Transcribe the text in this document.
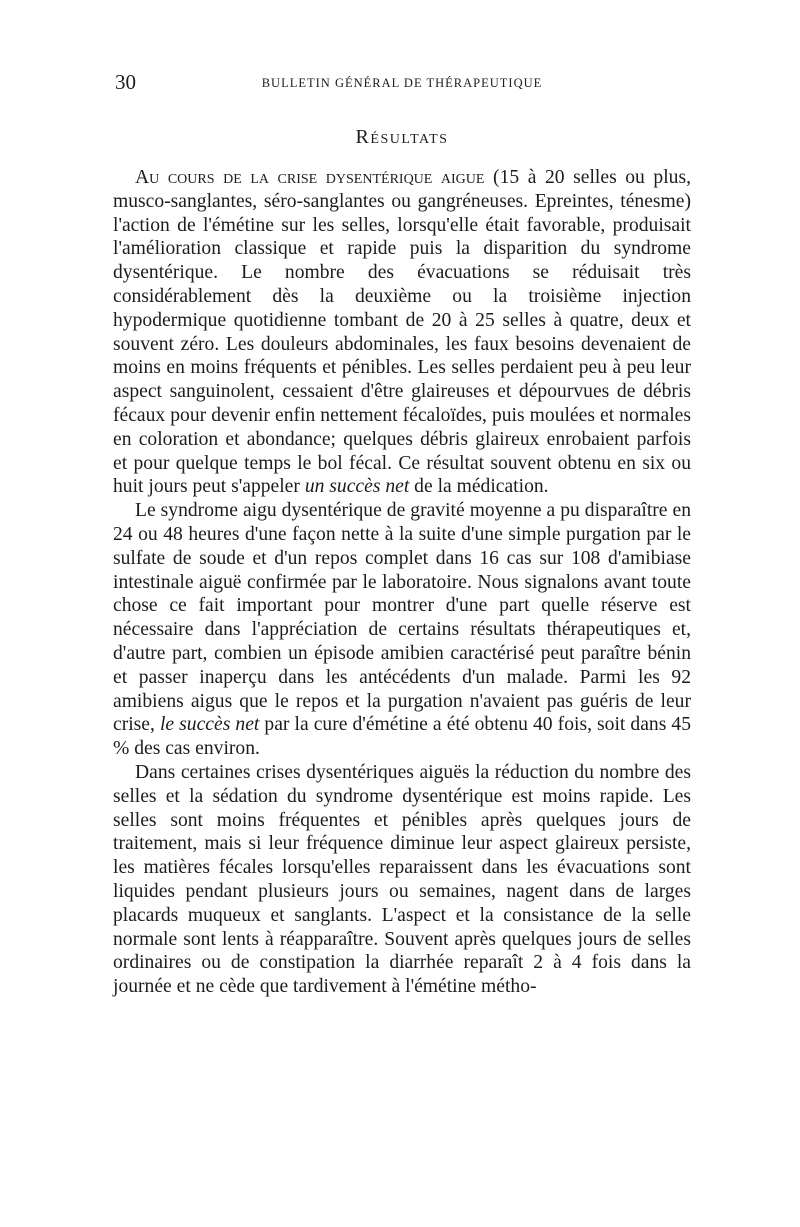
30	BULLETIN GÉNÉRAL DE THÉRAPEUTIQUE
Résultats

Au cours de la crise dysentérique aigue (15 à 20 selles ou plus, musco-sanglantes, séro-sanglantes ou gangréneuses. Epreintes, ténesme) l'action de l'émétine sur les selles, lorsqu'elle était favorable, produisait l'amélioration classique et rapide puis la disparition du syndrome dysentérique. Le nombre des évacuations se réduisait très considérablement dès la deuxième ou la troisième injection hypodermique quotidienne tombant de 20 à 25 selles à quatre, deux et souvent zéro. Les douleurs abdominales, les faux besoins devenaient de moins en moins fréquents et pénibles. Les selles perdaient peu à peu leur aspect sanguinolent, cessaient d'être glaireuses et dépourvues de débris fécaux pour devenir enfin nettement fécaloïdes, puis moulées et normales en coloration et abondance; quelques débris glaireux enrobaient parfois et pour quelque temps le bol fécal. Ce résultat souvent obtenu en six ou huit jours peut s'appeler un succès net de la médication.

Le syndrome aigu dysentérique de gravité moyenne a pu disparaître en 24 ou 48 heures d'une façon nette à la suite d'une simple purgation par le sulfate de soude et d'un repos complet dans 16 cas sur 108 d'amibiase intestinale aiguë confirmée par le laboratoire. Nous signalons avant toute chose ce fait important pour montrer d'une part quelle réserve est nécessaire dans l'appréciation de certains résultats thérapeutiques et, d'autre part, combien un épisode amibien caractérisé peut paraître bénin et passer inaperçu dans les antécédents d'un malade. Parmi les 92 amibiens aigus que le repos et la purgation n'avaient pas guéris de leur crise, le succès net par la cure d'émétine a été obtenu 40 fois, soit dans 45 % des cas environ.

Dans certaines crises dysentériques aiguës la réduction du nombre des selles et la sédation du syndrome dysentérique est moins rapide. Les selles sont moins fréquentes et pénibles après quelques jours de traitement, mais si leur fréquence diminue leur aspect glaireux persiste, les matières fécales lorsqu'elles reparaissent dans les évacuations sont liquides pendant plusieurs jours ou semaines, nagent dans de larges placards muqueux et sanglants. L'aspect et la consistance de la selle normale sont lents à réapparaître. Souvent après quelques jours de selles ordinaires ou de constipation la diarrhée reparaît 2 à 4 fois dans la journée et ne cède que tardivement à l'émétine métho-
